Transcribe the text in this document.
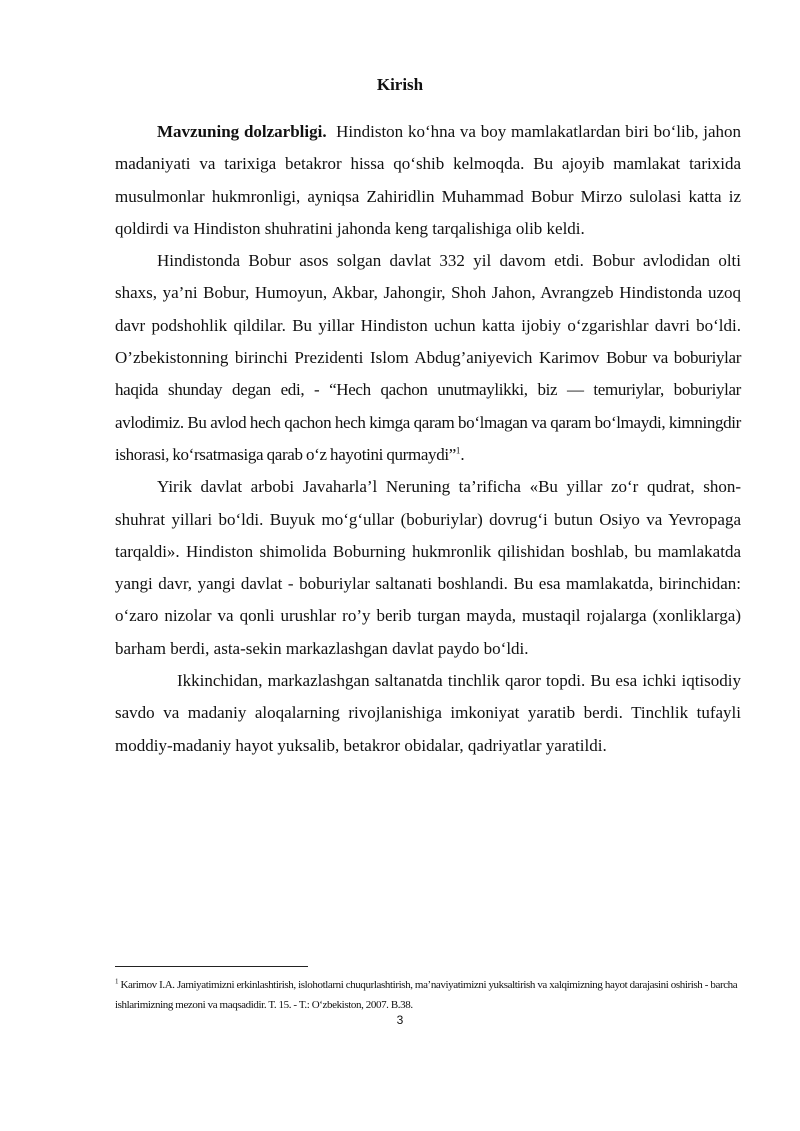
Kirish

Mavzuning dolzarbligi. Hindiston ko‘hna va boy mamlakatlardan biri bo‘lib, jahon madaniyati va tarixiga betakror hissa qo‘shib kelmoqda. Bu ajoyib mamlakat tarixida musulmonlar hukmronligi, ayniqsa Zahiridlin Muhammad Bobur Mirzo sulolasi katta iz qoldirdi va Hindiston shuhratini jahonda keng tarqalishiga olib keldi.

Hindistonda Bobur asos solgan davlat 332 yil davom etdi. Bobur avlodidan olti shaxs, ya’ni Bobur, Humoyun, Akbar, Jahongir, Shoh Jahon, Avrangzeb Hindistonda uzoq davr podshohlik qildilar. Bu yillar Hindiston uchun katta ijobiy o‘zgarishlar davri bo‘ldi. O’zbekistonning birinchi Prezidenti Islom Abdug’aniyevich Karimov Bobur va boburiylar haqida shunday degan edi, - “Hech qachon unutmaylikki, biz — temuriylar, boburiylar avlodimiz. Bu avlod hech qachon hech kimga qaram bo‘lmagan va qaram bo‘lmaydi, kimningdir ishorasi, ko‘rsatmasiga qarab o‘z hayotini qurmaydi”$^1$.

Yirik davlat arbobi Javaharla’l Neruning ta’rificha «Bu yillar zo‘r qudrat, shon-shuhrat yillari bo‘ldi. Buyuk mo‘g‘ullar (boburiylar) dovrug‘i butun Osiyo va Yevropaga tarqaldi». Hindiston shimolida Boburning hukmronlik qilishidan boshlab, bu mamlakatda yangi davr, yangi davlat - boburiylar saltanati boshlandi. Bu esa mamlakatda, birinchidan: o‘zaro nizolar va qonli urushlar ro’y berib turgan mayda, mustaqil rojalarga (xonliklarga) barham berdi, asta-sekin markazlashgan davlat paydo bo‘ldi.

Ikkinchidan, markazlashgan saltanatda tinchlik qaror topdi. Bu esa ichki iqtisodiy savdo va madaniy aloqalarning rivojlanishiga imkoniyat yaratib berdi. Tinchlik tufayli moddiy-madaniy hayot yuksalib, betakror obidalar, qadriyatlar yaratildi.

$^1$ Karimov I.A. Jamiyatimizni erkinlashtirish, islohotlarni chuqurlashtirish, ma’naviyatimizni yuksaltirish va xalqimizning hayot darajasini oshirish - barcha ishlarimizning mezoni va maqsadidir. T. 15. - T.: O‘zbekiston, 2007. B.38.
3
